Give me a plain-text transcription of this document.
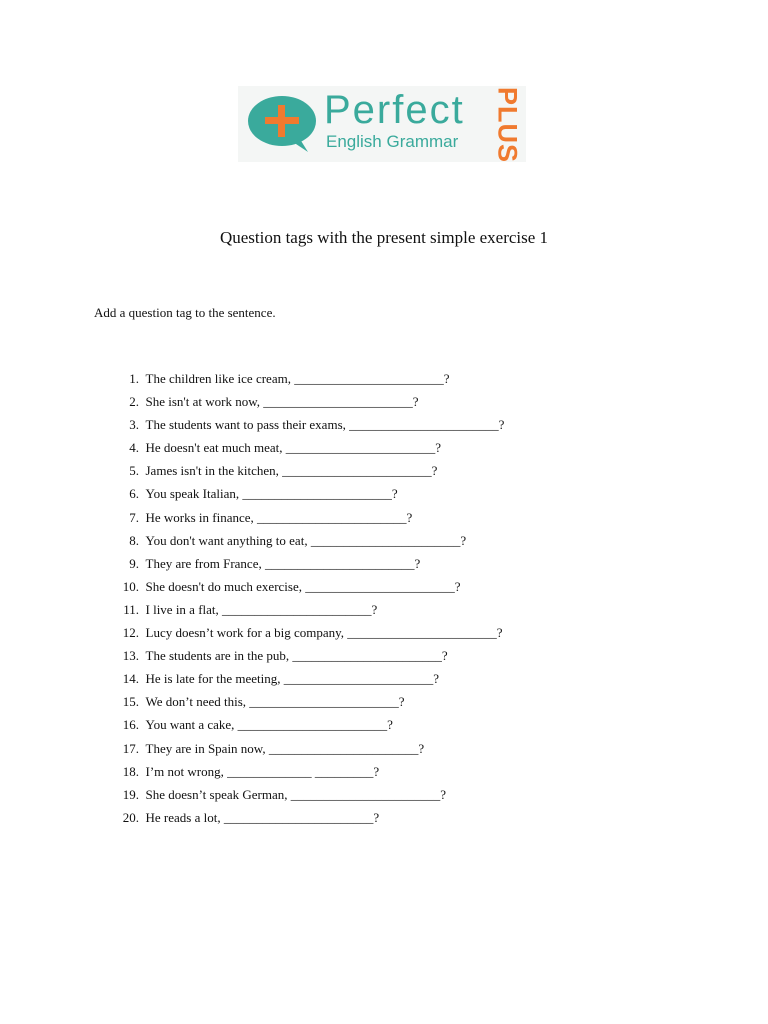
Perfect
English Grammar PLUS
Question tags with the present simple exercise 1

Add a question tag to the sentence.

1. The children like ice cream, _______________________?
2. She isn't at work now, _______________________?
3. The students want to pass their exams, _______________________?
4. He doesn't eat much meat, _______________________?
5. James isn't in the kitchen, _______________________?
6. You speak Italian, _______________________?
7. He works in finance, _______________________?
8. You don't want anything to eat, _______________________?
9. They are from France, _______________________?
10. She doesn't do much exercise, _______________________?
11. I live in a flat, _______________________?
12. Lucy doesn’t work for a big company, _______________________?
13. The students are in the pub, _______________________?
14. He is late for the meeting, _______________________?
15. We don’t need this, _______________________?
16. You want a cake, _______________________?
17. They are in Spain now, _______________________?
18. I’m not wrong, _____________ _________?
19. She doesn’t speak German, _______________________?
20. He reads a lot, _______________________?
